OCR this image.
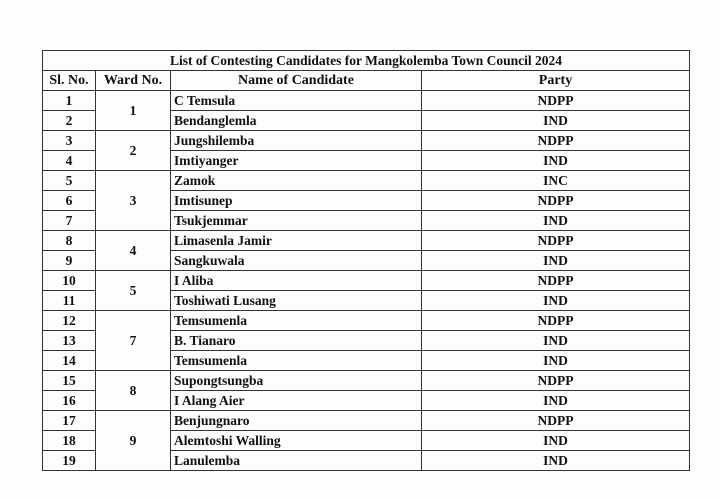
List of Contesting Candidates for Mangkolemba Town Council 2024			
Sl. No.	Ward No.	Name of Candidate	Party
1	1	C Temsula	NDPP
2		Bendanglemla	IND
3	2	Jungshilemba	NDPP
4		Imtiyanger	IND
5	3	Zamok	INC
6		Imtisunep	NDPP
7		Tsukjemmar	IND
8	4	Limasenla Jamir	NDPP
9		Sangkuwala	IND
10	5	I Aliba	NDPP
11		Toshiwati Lusang	IND
12	7	Temsumenla	NDPP
13		B. Tianaro	IND
14		Temsumenla	IND
15	8	Supongtsungba	NDPP
16		I Alang Aier	IND
17	9	Benjungnaro	NDPP
18		Alemtoshi Walling	IND
19		Lanulemba	IND
